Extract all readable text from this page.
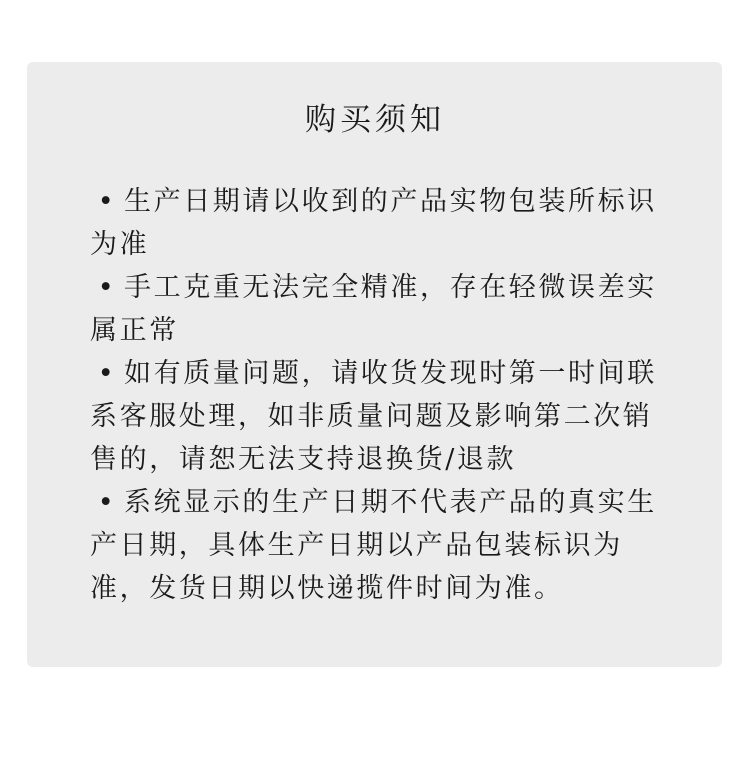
购买须知
• 生产日期请以收到的产品实物包装所标识为准
• 手工克重无法完全精准，存在轻微误差实属正常
• 如有质量问题，请收货发现时第一时间联系客服处理，如非质量问题及影响第二次销售的，请恕无法支持退换货/退款
• 系统显示的生产日期不代表产品的真实生产日期，具体生产日期以产品包装标识为准，发货日期以快递揽件时间为准。
